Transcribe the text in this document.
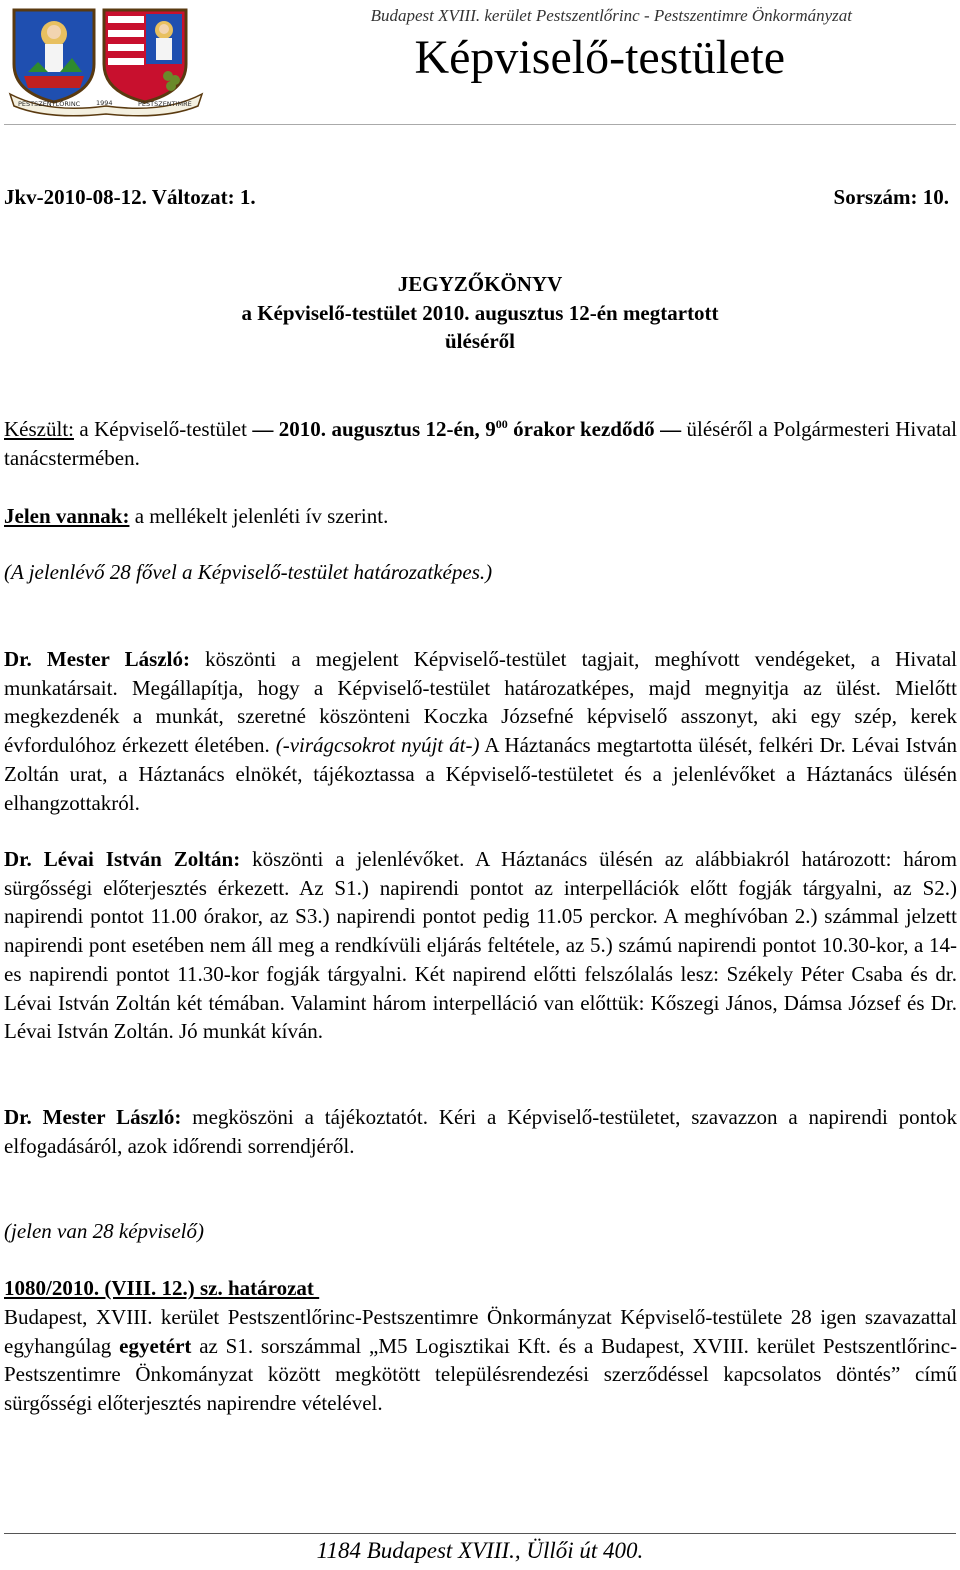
PESTSZENTLŐRINC 1994	PESTSZENTIMRE
Budapest XVIII. kerület Pestszentlőrinc - Pestszentimre Önkormányzat
Képviselő-testülete
Jkv-2010-08-12. Változat: 1.	Sorszám: 10.
JEGYZŐKÖNYV
a Képviselő-testület 2010. augusztus 12-én megtartott
üléséről

Készült: a Képviselő-testület — 2010. augusztus 12-én, $9^{00}$ órakor kezdődő — üléséről a Polgármesteri Hivatal tanácstermében.

Jelen vannak: a mellékelt jelenléti ív szerint.

(A jelenlévő 28 fővel a Képviselő-testület határozatképes.)

Dr. Mester László: köszönti a megjelent Képviselő-testület tagjait, meghívott vendégeket, a Hivatal munkatársait. Megállapítja, hogy a Képviselő-testület határozatképes, majd megnyitja az ülést. Mielőtt megkezdenék a munkát, szeretné köszönteni Koczka Józsefné képviselő asszonyt, aki egy szép, kerek évfordulóhoz érkezett életében. (-virágcsokrot nyújt át-) A Háztanács megtartotta ülését, felkéri Dr. Lévai István Zoltán urat, a Háztanács elnökét, tájékoztassa a Képviselő-testületet és a jelenlévőket a Háztanács ülésén elhangzottakról.

Dr. Lévai István Zoltán: köszönti a jelenlévőket. A Háztanács ülésén az alábbiakról határozott: három sürgősségi előterjesztés érkezett. Az S1.) napirendi pontot az interpellációk előtt fogják tárgyalni, az S2.) napirendi pontot 11.00 órakor, az S3.) napirendi pontot pedig 11.05 perckor. A meghívóban 2.) számmal jelzett napirendi pont esetében nem áll meg a rendkívüli eljárás feltétele, az 5.) számú napirendi pontot 10.30-kor, a 14-es napirendi pontot 11.30-kor fogják tárgyalni. Két napirend előtti felszólalás lesz: Székely Péter Csaba és dr. Lévai István Zoltán két témában. Valamint három interpelláció van előttük: Kőszegi János, Dámsa József és Dr. Lévai István Zoltán. Jó munkát kíván.

Dr. Mester László: megköszöni a tájékoztatót. Kéri a Képviselő-testületet, szavazzon a napirendi pontok elfogadásáról, azok időrendi sorrendjéről.

(jelen van 28 képviselő)

1080/2010. (VIII. 12.) sz. határozat

Budapest, XVIII. kerület Pestszentlőrinc-Pestszentimre Önkormányzat Képviselő-testülete 28 igen szavazattal egyhangúlag egyetért az S1. sorszámmal „M5 Logisztikai Kft. és a Budapest, XVIII. kerület Pestszentlőrinc-Pestszentimre Önkományzat között megkötött településrendezési szerződéssel kapcsolatos döntés” című sürgősségi előterjesztés napirendre vételével.

1184 Budapest XVIII., Üllői út 400.
